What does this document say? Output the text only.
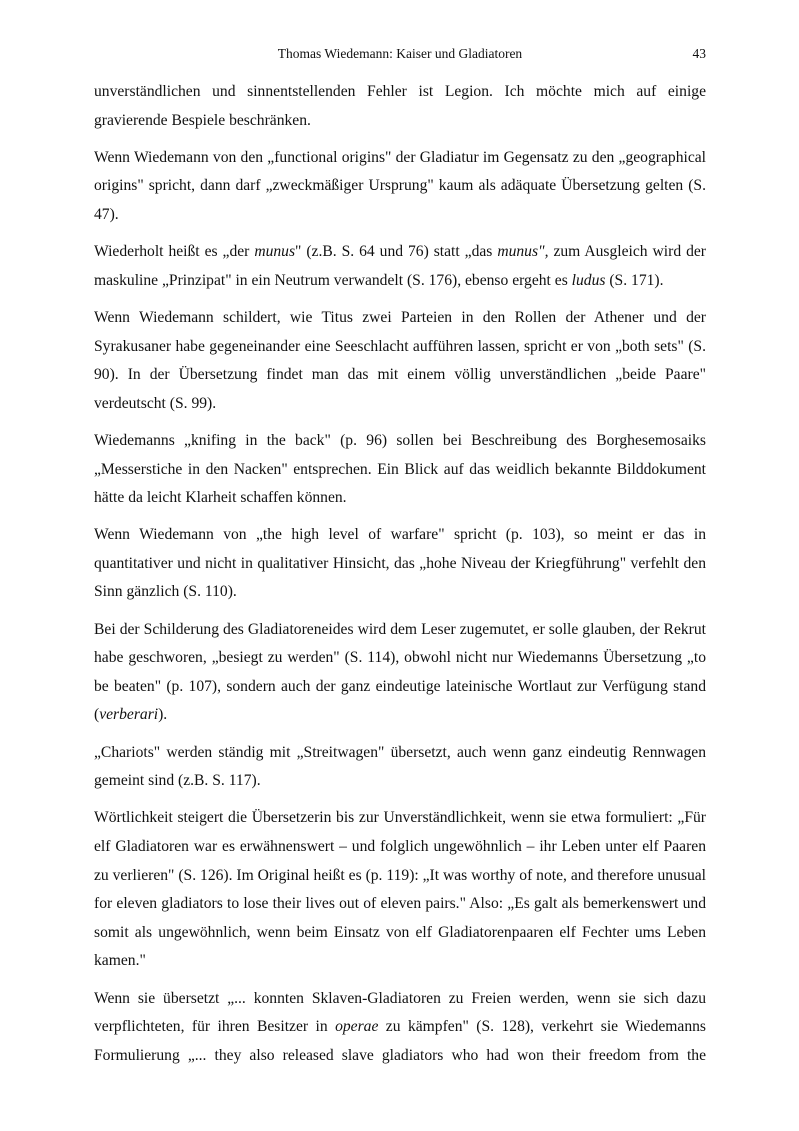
Thomas Wiedemann: Kaiser und Gladiatoren	43

unverständlichen und sinnentstellenden Fehler ist Legion. Ich möchte mich auf einige gravierende Bespiele beschränken.

Wenn Wiedemann von den „functional origins" der Gladiatur im Gegensatz zu den „geographical origins" spricht, dann darf „zweckmäßiger Ursprung" kaum als adäquate Übersetzung gelten (S. 47).

Wiederholt heißt es „der munus" (z.B. S. 64 und 76) statt „das munus", zum Ausgleich wird der maskuline „Prinzipat" in ein Neutrum verwandelt (S. 176), ebenso ergeht es ludus (S. 171).

Wenn Wiedemann schildert, wie Titus zwei Parteien in den Rollen der Athener und der Syrakusaner habe gegeneinander eine Seeschlacht aufführen lassen, spricht er von „both sets" (S. 90). In der Übersetzung findet man das mit einem völlig unverständlichen „beide Paare" verdeutscht (S. 99).

Wiedemanns „knifing in the back" (p. 96) sollen bei Beschreibung des Borghesemosaiks „Messerstiche in den Nacken" entsprechen. Ein Blick auf das weidlich bekannte Bilddokument hätte da leicht Klarheit schaffen können.

Wenn Wiedemann von „the high level of warfare" spricht (p. 103), so meint er das in quantitativer und nicht in qualitativer Hinsicht, das „hohe Niveau der Kriegführung" verfehlt den Sinn gänzlich (S. 110).

Bei der Schilderung des Gladiatoreneides wird dem Leser zugemutet, er solle glauben, der Rekrut habe geschworen, „besiegt zu werden" (S. 114), obwohl nicht nur Wiedemanns Übersetzung „to be beaten" (p. 107), sondern auch der ganz eindeutige lateinische Wortlaut zur Verfügung stand (verberari).

„Chariots" werden ständig mit „Streitwagen" übersetzt, auch wenn ganz eindeutig Rennwagen gemeint sind (z.B. S. 117).

Wörtlichkeit steigert die Übersetzerin bis zur Unverständlichkeit, wenn sie etwa formuliert: „Für elf Gladiatoren war es erwähnenswert – und folglich ungewöhnlich – ihr Leben unter elf Paaren zu verlieren" (S. 126). Im Original heißt es (p. 119): „It was worthy of note, and therefore unusual for eleven gladiators to lose their lives out of eleven pairs." Also: „Es galt als bemerkenswert und somit als ungewöhnlich, wenn beim Einsatz von elf Gladiatorenpaaren elf Fechter ums Leben kamen."

Wenn sie übersetzt „... konnten Sklaven-Gladiatoren zu Freien werden, wenn sie sich dazu verpflichteten, für ihren Besitzer in operae zu kämpfen" (S. 128), verkehrt sie Wiedemanns Formulierung „... they also released slave gladiators who had won their freedom from the
